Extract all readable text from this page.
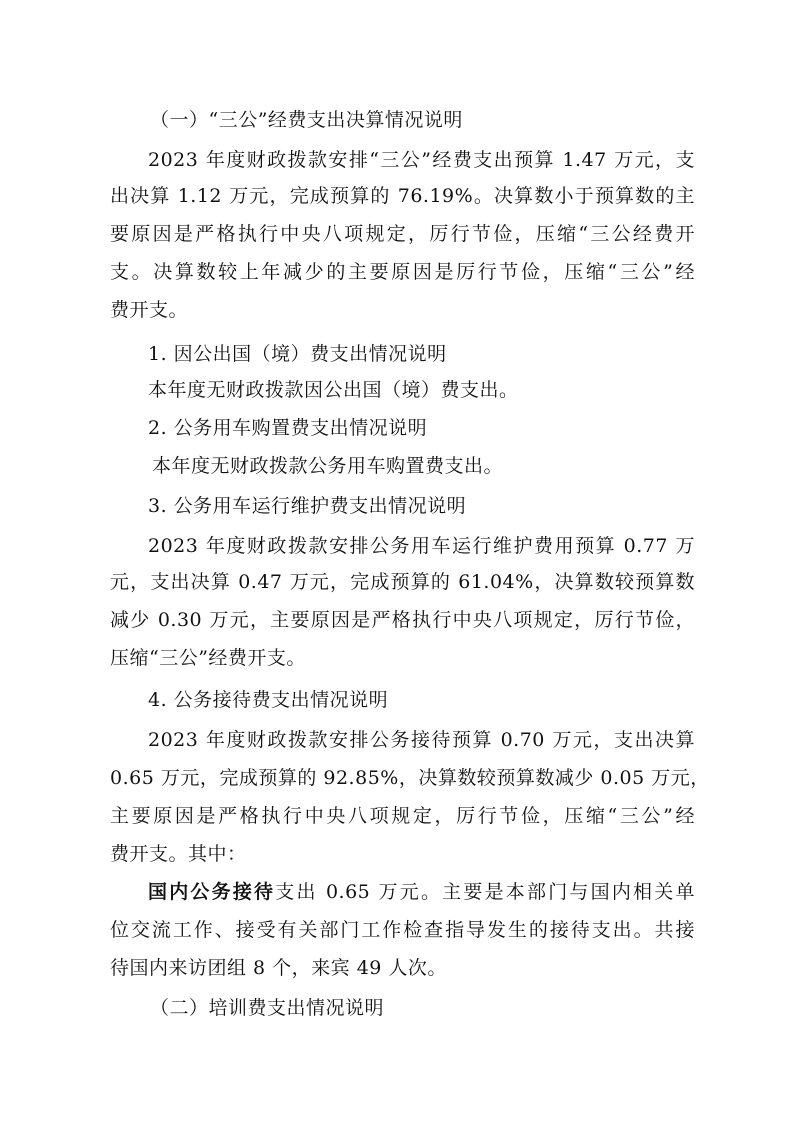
（一）“三公”经费支出决算情况说明
2023 年度财政拨款安排“三公”经费支出预算 1.47 万元，支
出决算 1.12 万元，完成预算的 76.19%。决算数小于预算数的主
要原因是严格执行中央八项规定，厉行节俭，压缩“三公经费开
支。决算数较上年减少的主要原因是厉行节俭，压缩“三公”经
费开支。
1. 因公出国（境）费支出情况说明
本年度无财政拨款因公出国（境）费支出。
2. 公务用车购置费支出情况说明
本年度无财政拨款公务用车购置费支出。
3. 公务用车运行维护费支出情况说明
2023 年度财政拨款安排公务用车运行维护费用预算 0.77 万
元，支出决算 0.47 万元，完成预算的 61.04%，决算数较预算数
减少 0.30 万元，主要原因是严格执行中央八项规定，厉行节俭，
压缩“三公”经费开支。
4. 公务接待费支出情况说明
2023 年度财政拨款安排公务接待预算 0.70 万元，支出决算
0.65 万元，完成预算的 92.85%，决算数较预算数减少 0.05 万元，
主要原因是严格执行中央八项规定，厉行节俭，压缩“三公”经
费开支。其中：
国内公务接待支出 0.65 万元。主要是本部门与国内相关单
位交流工作、接受有关部门工作检查指导发生的接待支出。共接
待国内来访团组 8 个，来宾 49 人次。
（二）培训费支出情况说明
